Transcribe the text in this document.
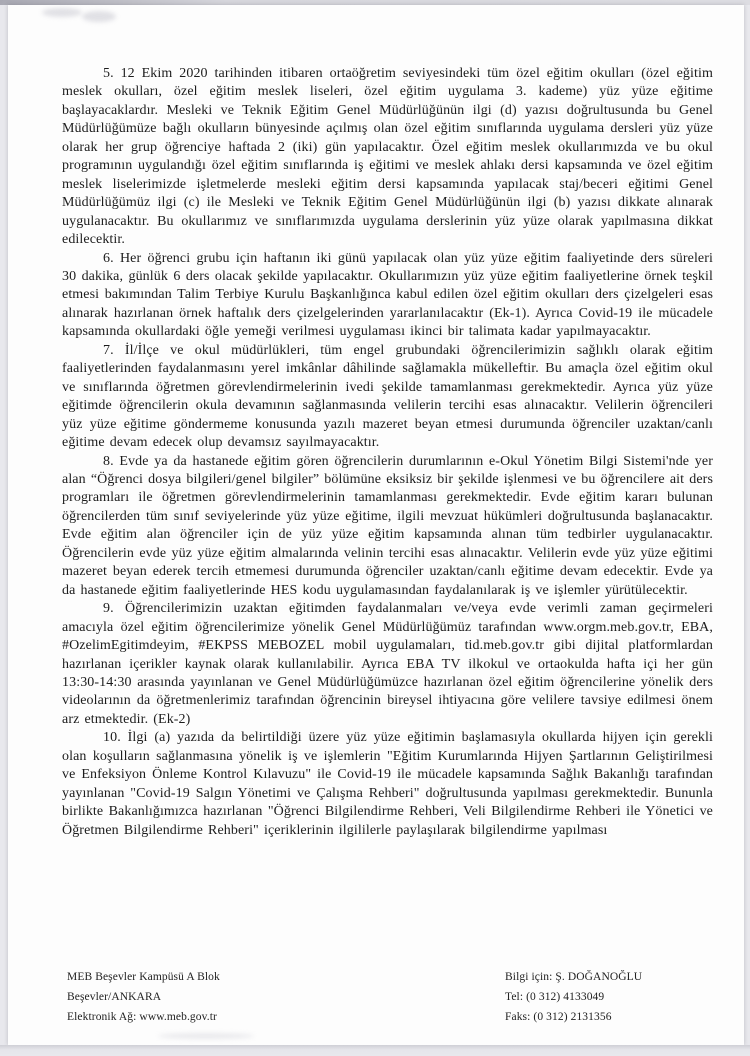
5. 12 Ekim 2020 tarihinden itibaren ortaöğretim seviyesindeki tüm özel eğitim okulları (özel eğitim meslek okulları, özel eğitim meslek liseleri, özel eğitim uygulama 3. kademe) yüz yüze eğitime başlayacaklardır. Mesleki ve Teknik Eğitim Genel Müdürlüğünün ilgi (d) yazısı doğrultusunda bu Genel Müdürlüğümüze bağlı okulların bünyesinde açılmış olan özel eğitim sınıflarında uygulama dersleri yüz yüze olarak her grup öğrenciye haftada 2 (iki) gün yapılacaktır. Özel eğitim meslek okullarımızda ve bu okul programının uygulandığı özel eğitim sınıflarında iş eğitimi ve meslek ahlakı dersi kapsamında ve özel eğitim meslek liselerimizde işletmelerde mesleki eğitim dersi kapsamında yapılacak staj/beceri eğitimi Genel Müdürlüğümüz ilgi (c) ile Mesleki ve Teknik Eğitim Genel Müdürlüğünün ilgi (b) yazısı dikkate alınarak uygulanacaktır. Bu okullarımız ve sınıflarımızda uygulama derslerinin yüz yüze olarak yapılmasına dikkat edilecektir.

6. Her öğrenci grubu için haftanın iki günü yapılacak olan yüz yüze eğitim faaliyetinde ders süreleri 30 dakika, günlük 6 ders olacak şekilde yapılacaktır. Okullarımızın yüz yüze eğitim faaliyetlerine örnek teşkil etmesi bakımından Talim Terbiye Kurulu Başkanlığınca kabul edilen özel eğitim okulları ders çizelgeleri esas alınarak hazırlanan örnek haftalık ders çizelgelerinden yararlanılacaktır (Ek-1). Ayrıca Covid-19 ile mücadele kapsamında okullardaki öğle yemeği verilmesi uygulaması ikinci bir talimata kadar yapılmayacaktır.

7. İl/İlçe ve okul müdürlükleri, tüm engel grubundaki öğrencilerimizin sağlıklı olarak eğitim faaliyetlerinden faydalanmasını yerel imkânlar dâhilinde sağlamakla mükelleftir. Bu amaçla özel eğitim okul ve sınıflarında öğretmen görevlendirmelerinin ivedi şekilde tamamlanması gerekmektedir. Ayrıca yüz yüze eğitimde öğrencilerin okula devamının sağlanmasında velilerin tercihi esas alınacaktır. Velilerin öğrencileri yüz yüze eğitime göndermeme konusunda yazılı mazeret beyan etmesi durumunda öğrenciler uzaktan/canlı eğitime devam edecek olup devamsız sayılmayacaktır.

8. Evde ya da hastanede eğitim gören öğrencilerin durumlarının e-Okul Yönetim Bilgi Sistemi'nde yer alan “Öğrenci dosya bilgileri/genel bilgiler” bölümüne eksiksiz bir şekilde işlenmesi ve bu öğrencilere ait ders programları ile öğretmen görevlendirmelerinin tamamlanması gerekmektedir. Evde eğitim kararı bulunan öğrencilerden tüm sınıf seviyelerinde yüz yüze eğitime, ilgili mevzuat hükümleri doğrultusunda başlanacaktır. Evde eğitim alan öğrenciler için de yüz yüze eğitim kapsamında alınan tüm tedbirler uygulanacaktır. Öğrencilerin evde yüz yüze eğitim almalarında velinin tercihi esas alınacaktır. Velilerin evde yüz yüze eğitimi mazeret beyan ederek tercih etmemesi durumunda öğrenciler uzaktan/canlı eğitime devam edecektir. Evde ya da hastanede eğitim faaliyetlerinde HES kodu uygulamasından faydalanılarak iş ve işlemler yürütülecektir.

9. Öğrencilerimizin uzaktan eğitimden faydalanmaları ve/veya evde verimli zaman geçirmeleri amacıyla özel eğitim öğrencilerimize yönelik Genel Müdürlüğümüz tarafından www.orgm.meb.gov.tr, EBA, #OzelimEgitimdeyim, #EKPSS MEBOZEL mobil uygulamaları, tid.meb.gov.tr gibi dijital platformlardan hazırlanan içerikler kaynak olarak kullanılabilir. Ayrıca EBA TV ilkokul ve ortaokulda hafta içi her gün 13:30-14:30 arasında yayınlanan ve Genel Müdürlüğümüzce hazırlanan özel eğitim öğrencilerine yönelik ders videolarının da öğretmenlerimiz tarafından öğrencinin bireysel ihtiyacına göre velilere tavsiye edilmesi önem arz etmektedir. (Ek-2)

10. İlgi (a) yazıda da belirtildiği üzere yüz yüze eğitimin başlamasıyla okullarda hijyen için gerekli olan koşulların sağlanmasına yönelik iş ve işlemlerin "Eğitim Kurumlarında Hijyen Şartlarının Geliştirilmesi ve Enfeksiyon Önleme Kontrol Kılavuzu" ile Covid-19 ile mücadele kapsamında Sağlık Bakanlığı tarafından yayınlanan "Covid-19 Salgın Yönetimi ve Çalışma Rehberi" doğrultusunda yapılması gerekmektedir. Bununla birlikte Bakanlığımızca hazırlanan "Öğrenci Bilgilendirme Rehberi, Veli Bilgilendirme Rehberi ile Yönetici ve Öğretmen Bilgilendirme Rehberi" içeriklerinin ilgililerle paylaşılarak bilgilendirme yapılması

MEB Beşevler Kampüsü A Blok
Beşevler/ANKARA
Elektronik Ağ: www.meb.gov.tr
Bilgi için: Ş. DOĞANOĞLU
Tel: (0 312) 4133049
Faks: (0 312) 2131356
